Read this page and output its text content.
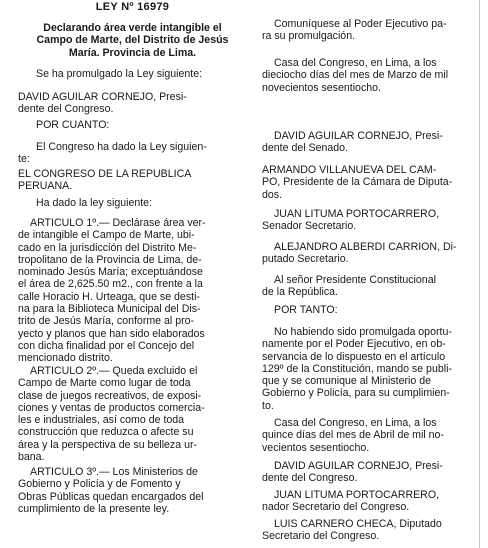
LEY Nº 16979
Declarando área verde intangible el
Campo de Marte, del Distrito de Jesús
María. Provincia de Lima.
Se ha promulgado la Ley siguiente:
DAVID AGUILAR CORNEJO, Presi-
dente del Congreso.
POR CUANTO:
El Congreso ha dado la Ley siguien-
te:
EL CONGRESO DE LA REPUBLICA
PERUANA.
Ha dado la ley siguiente:
ARTICULO 1º.— Declárase área ver-
de intangible el Campo de Marte, ubi-
cado en la jurisdicción del Distrito Me-
tropolitano de la Provincia de Lima, de-
nominado Jesús María; exceptuándose
el área de 2,625.50 m2., con frente a la
calle Horacio H. Urteaga, que se desti-
na para la Biblioteca Municipal del Dis-
trito de Jesús María, conforme al pro-
yecto y planos que han sido elaborados
con dicha finalidad por el Concejo del
mencionado distrito.
ARTICULO 2º.— Queda excluido el
Campo de Marte como lugar de toda
clase de juegos recreativos, de exposi-
ciones y ventas de productos comercia-
les e industriales, así como de toda
construcción que reduzca o afecte su
área y la perspectiva de su belleza ur-
bana.
ARTICULO 3º.— Los Ministerios de
Gobierno y Policía y de Fomento y
Obras Públicas quedan encargados del
cumplimiento de la presente ley.
Comuníquese al Poder Ejecutivo pa-
ra su promulgación.
Casa del Congreso, en Lima, a los
dieciocho días del mes de Marzo de mil
novecientos sesentiocho.
DAVID AGUILAR CORNEJO, Presi-
dente del Senado.
ARMANDO VILLANUEVA DEL CAM-
PO, Presidente de la Cámara de Diputa-
dos.
JUAN LITUMA PORTOCARRERO,
Senador Secretario.
ALEJANDRO ALBERDI CARRION, Di-
putado Secretario.
Al señor Presidente Constitucional
de la República.
POR TANTO:
No habiendo sido promulgada oportu-
namente por el Poder Ejecutivo, en ob-
servancia de lo dispuesto en el artículo
129º de la Constitución, mando se publi-
que y se comunique al Ministerio de
Gobierno y Policía, para su cumplimien-
to.
Casa del Congreso, en Lima, a los
quince días del mes de Abril de mil no-
vecientos sesentiocho.
DAVID AGUILAR CORNEJO, Presi-
dente del Congreso.
JUAN LITUMA PORTOCARRERO,
nador Secretario del Congreso.
LUIS CARNERO CHECA, Diputado
Secretario del Congreso.
